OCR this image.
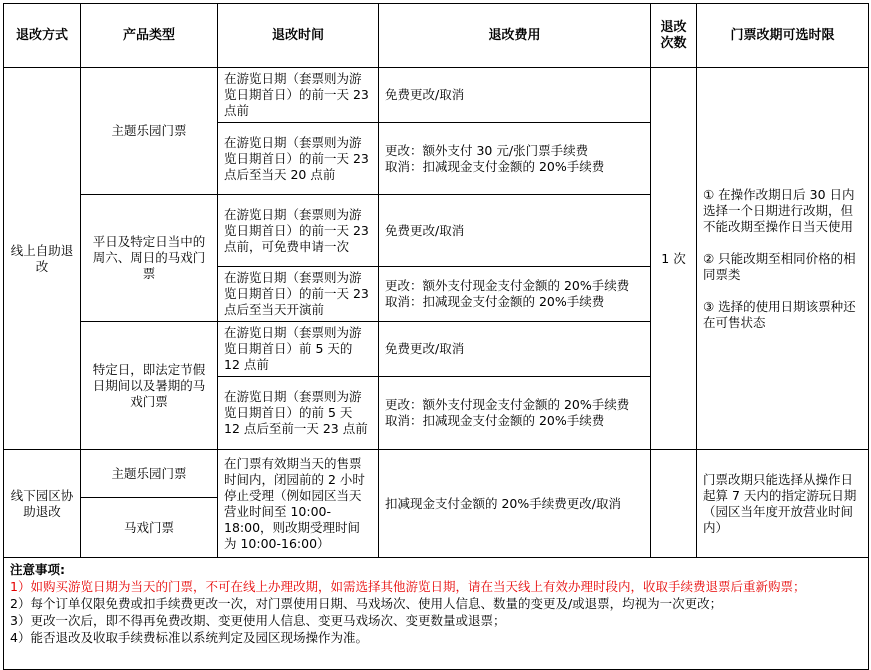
退改方式	产品类型	退改时间	退改费用	退改次数	门票改期可选时限
线上自助退改	主题乐园门票	在游览日期（套票则为游览日期首日）的前一天 23 点前	免费更改/取消	1 次	① 在操作改期日后 30 日内选择一个日期进行改期，但不能改期至操作日当天使用
② 只能改期至相同价格的相同票类
③ 选择的使用日期该票种还在可售状态

		在游览日期（套票则为游览日期首日）的前一天 23 点后至当天 20 点前	更改：额外支付 30 元/张门票手续费
取消：扣减现金支付金额的 20%手续费		

	平日及特定日当中的周六、周日的马戏门票	在游览日期（套票则为游览日期首日）的前一天 23 点前，可免费申请一次	免费更改/取消		

		在游览日期（套票则为游览日期首日）的前一天 23 点后至当天开演前	更改：额外支付现金支付金额的 20%手续费
取消：扣减现金支付金额的 20%手续费		

	特定日，即法定节假日期间以及暑期的马戏门票	在游览日期（套票则为游览日期首日）前 5 天的 12 点前	免费更改/取消		

		在游览日期（套票则为游览日期首日）的前 5 天 12 点后至前一天 23 点前	更改：额外支付现金支付金额的 20%手续费
取消：扣减现金支付金额的 20%手续费		

线下园区协助退改	主题乐园门票	在门票有效期当天的售票时间内，闭园前的 2 小时停止受理（例如园区当天营业时间至 10:00-18:00，则改期受理时间为 10:00-16:00）	扣减现金支付金额的 20%手续费更改/取消		门票改期只能选择从操作日起算 7 天内的指定游玩日期（园区当年度开放营业时间内）
	马戏门票				

注意事项:
1）如购买游览日期为当天的门票，不可在线上办理改期，如需选择其他游览日期，请在当天线上有效办理时段内，收取手续费退票后重新购票；
2）每个订单仅限免费或扣手续费更改一次，对门票使用日期、马戏场次、使用人信息、数量的变更及/或退票，均视为一次更改；
3）更改一次后，即不得再免费改期、变更使用人信息、变更马戏场次、变更数量或退票；
4）能否退改及收取手续费标准以系统判定及园区现场操作为准。					
